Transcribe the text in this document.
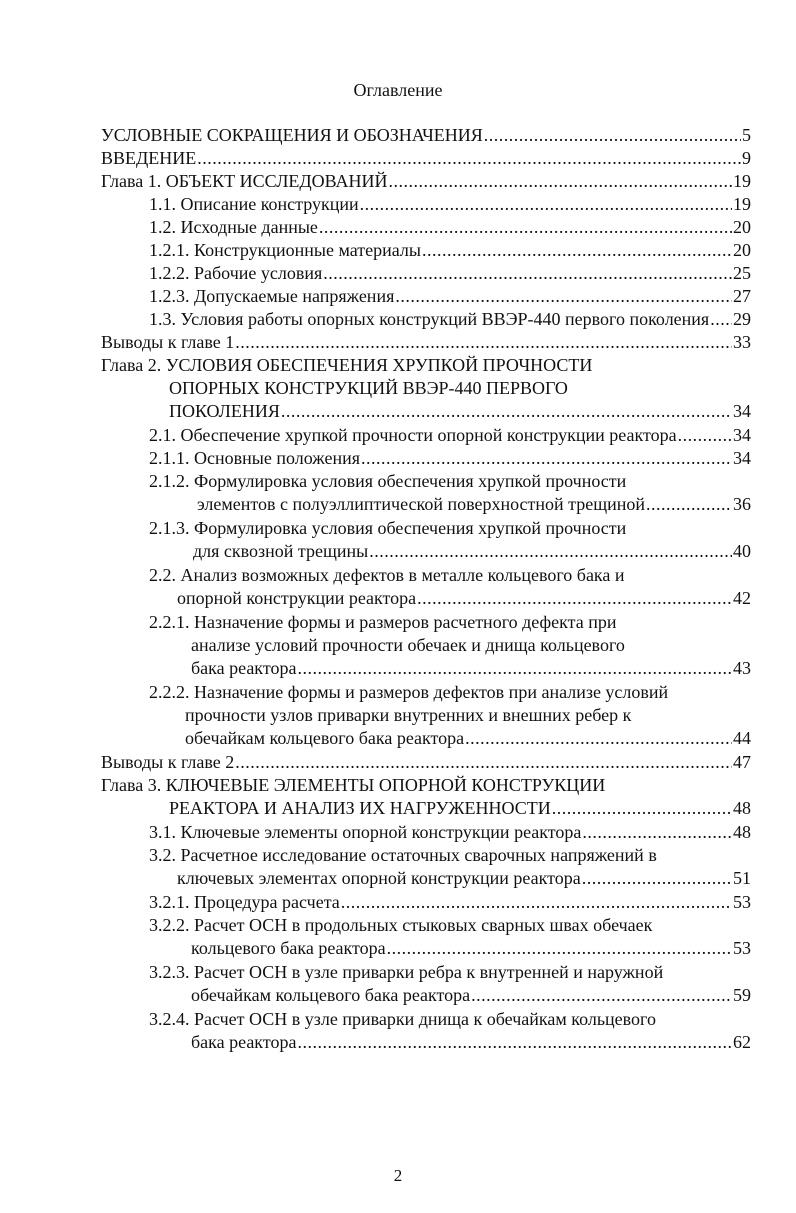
Оглавление
УСЛОВНЫЕ СОКРАЩЕНИЯ И ОБОЗНАЧЕНИЯ .....	5
ВВЕДЕНИЕ .....	9
Глава 1. ОБЪЕКТ ИССЛЕДОВАНИЙ .....	19
1.1. Описание конструкции .....	19
1.2. Исходные данные .....	20
1.2.1. Конструкционные материалы .....	20
1.2.2. Рабочие условия .....	25
1.2.3. Допускаемые напряжения .....	27
1.3. Условия работы опорных конструкций ВВЭР-440 первого поколения ..... 29
Выводы к главе 1 .....	33
Глава 2. УСЛОВИЯ ОБЕСПЕЧЕНИЯ ХРУПКОЙ ПРОЧНОСТИ
ОПОРНЫХ КОНСТРУКЦИЙ ВВЭР-440 ПЕРВОГО
ПОКОЛЕНИЯ .....	34
2.1. Обеспечение хрупкой прочности опорной конструкции реактора .....	34
2.1.1. Основные положения .....	34
2.1.2. Формулировка условия обеспечения хрупкой прочности
элементов с полуэллиптической поверхностной трещиной .....	36
2.1.3. Формулировка условия обеспечения хрупкой прочности
для сквозной трещины .....	40
2.2. Анализ возможных дефектов в металле кольцевого бака и
опорной конструкции реактора .....	42
2.2.1. Назначение формы и размеров расчетного дефекта при
анализе условий прочности обечаек и днища кольцевого
бака реактора .....	43
2.2.2. Назначение формы и размеров дефектов при анализе условий
прочности узлов приварки внутренних и внешних ребер к
обечайкам кольцевого бака реактора .....	44
Выводы к главе 2 .....	47
Глава 3. КЛЮЧЕВЫЕ ЭЛЕМЕНТЫ ОПОРНОЙ КОНСТРУКЦИИ
РЕАКТОРА И АНАЛИЗ ИХ НАГРУЖЕННОСТИ .....	48
3.1. Ключевые элементы опорной конструкции реактора .....	48
3.2. Расчетное исследование остаточных сварочных напряжений в
ключевых элементах опорной конструкции реактора .....	51
3.2.1. Процедура расчета .....	53
3.2.2. Расчет ОСН в продольных стыковых сварных швах обечаек
кольцевого бака реактора .....	53
3.2.3. Расчет ОСН в узле приварки ребра к внутренней и наружной
обечайкам кольцевого бака реактора .....	59
3.2.4. Расчет ОСН в узле приварки днища к обечайкам кольцевого
бака реактора .....	62
2
